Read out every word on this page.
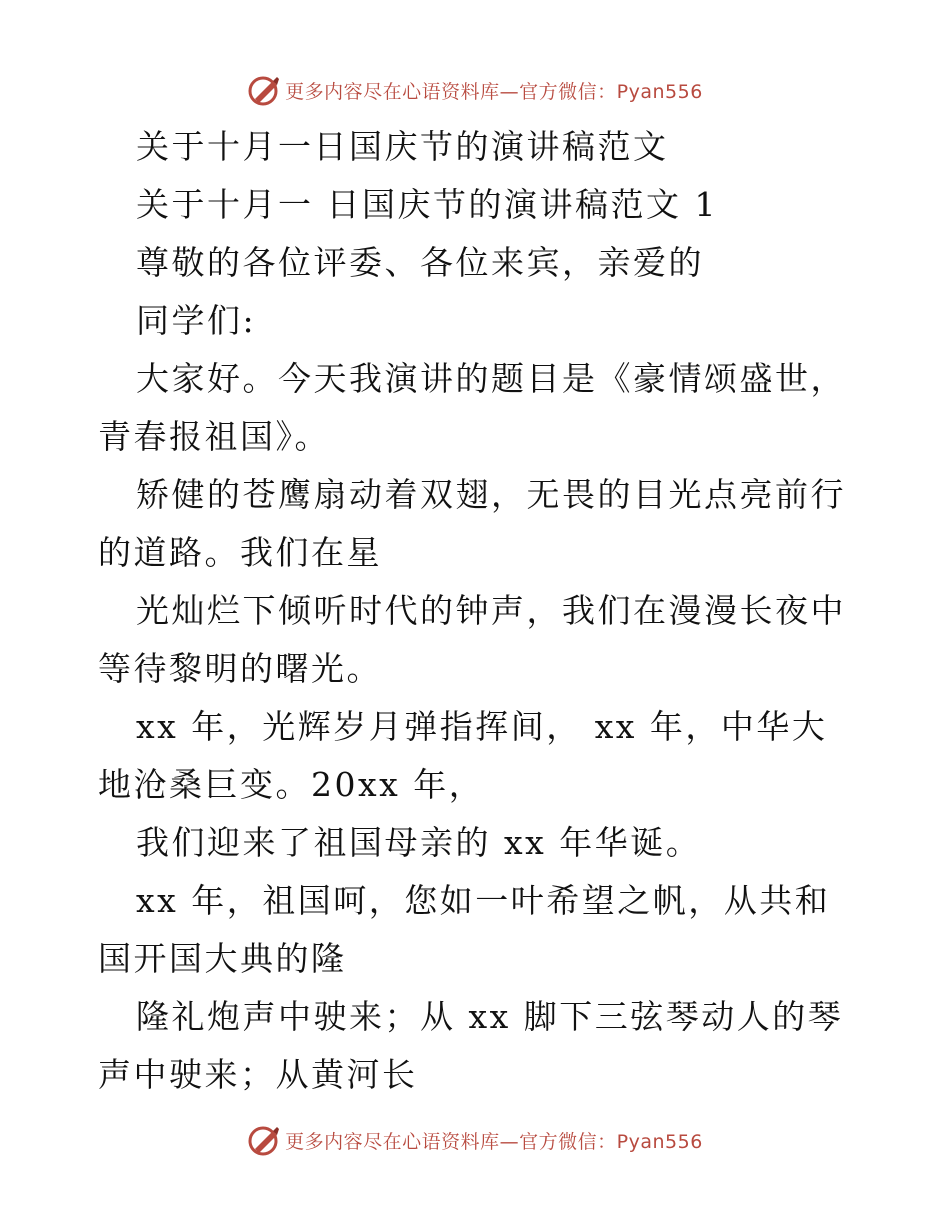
更多内容尽在心语资料库—官方微信：Pyan556

关于十月一日国庆节的演讲稿范文

关于十月一 日国庆节的演讲稿范文 1

尊敬的各位评委、各位来宾，亲爱的

同学们:

大家好。今天我演讲的题目是《豪情颂盛世，青春报祖国》。

矫健的苍鹰扇动着双翅，无畏的目光点亮前行的道路。我们在星

光灿烂下倾听时代的钟声，我们在漫漫长夜中等待黎明的曙光。

xx 年，光辉岁月弹指挥间， xx 年，中华大地沧桑巨变。20xx 年，

我们迎来了祖国母亲的 xx 年华诞。

xx 年，祖国呵，您如一叶希望之帆，从共和国开国大典的隆

隆礼炮声中驶来；从 xx 脚下三弦琴动人的琴声中驶来；从黄河长

更多内容尽在心语资料库—官方微信：Pyan556
